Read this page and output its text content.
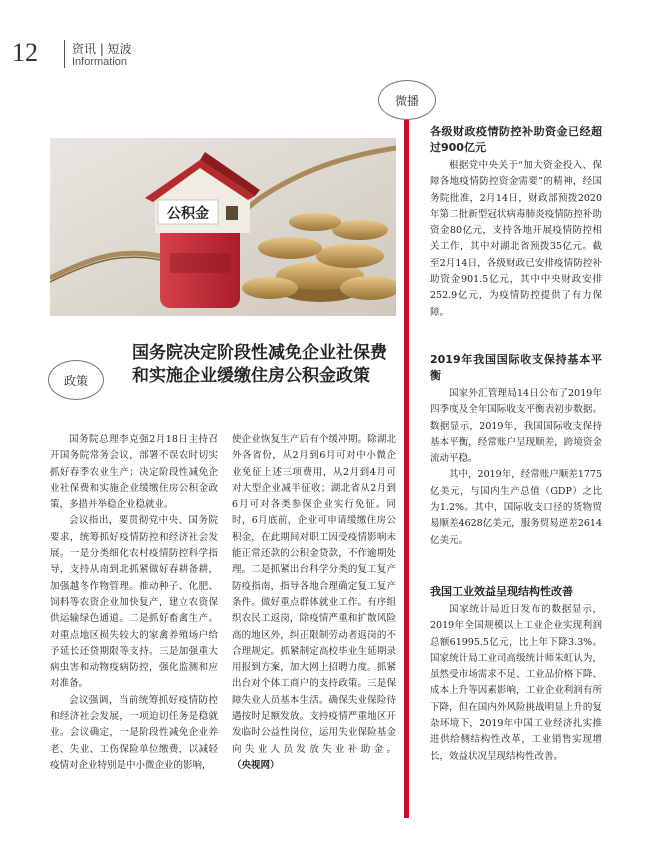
12	资讯 | 短波
Information
微播
公积金
政策
国务院决定阶段性减免企业社保费和实施企业缓缴住房公积金政策

国务院总理李克强2月18日主持召开国务院常务会议，部署不误农时切实抓好春季农业生产；决定阶段性减免企业社保费和实施企业缓缴住房公积金政策，多措并举稳企业稳就业。

会议指出，要贯彻党中央、国务院要求，统筹抓好疫情防控和经济社会发展。一是分类细化农村疫情防控科学指导，支持从南到北抓紧做好春耕备耕，加强越冬作物管理。推动种子、化肥、饲料等农资企业加快复产，建立农资保供运输绿色通道。二是抓好畜禽生产。对重点地区损失较大的家禽养殖场户给予延长还贷期限等支持。三是加强重大病虫害和动物疫病防控，强化监测和应对准备。

会议强调，当前统筹抓好疫情防控和经济社会发展，一项迫切任务是稳就业。会议确定，一是阶段性减免企业养老、失业、工伤保险单位缴费，以减轻疫情对企业特别是中小微企业的影响，

使企业恢复生产后有个缓冲期。除湖北外各省份，从2月到6月可对中小微企业免征上述三项费用，从2月到4月可对大型企业减半征收；湖北省从2月到6月可对各类参保企业实行免征。同时，6月底前，企业可申请缓缴住房公积金，在此期间对职工因受疫情影响未能正常还款的公积金贷款，不作逾期处理。二是抓紧出台科学分类的复工复产防疫指南，指导各地合理确定复工复产条件。做好重点群体就业工作。有序组织农民工返岗，除疫情严重和扩散风险高的地区外，纠正限制劳动者返岗的不合理规定。抓紧制定高校毕业生延期录用报到方案，加大网上招聘力度。抓紧出台对个体工商户的支持政策。三是保障失业人员基本生活。确保失业保险待遇按时足额发放。支持疫情严重地区开发临时公益性岗位，运用失业保险基金向失业人员发放失业补助金。（央视网）

各级财政疫情防控补助资金已经超过900亿元

根据党中央关于“加大资金投入、保障各地疫情防控资金需要”的精神，经国务院批准，2月14日，财政部预拨2020年第二批新型冠状病毒肺炎疫情防控补助资金80亿元，支持各地开展疫情防控相关工作，其中对湖北省预拨35亿元。截至2月14日，各级财政已安排疫情防控补助资金901.5亿元，其中中央财政安排252.9亿元，为疫情防控提供了有力保障。

2019年我国国际收支保持基本平衡

国家外汇管理局14日公布了2019年四季度及全年国际收支平衡表初步数据。数据显示，2019年，我国国际收支保持基本平衡，经常账户呈现顺差，跨境资金流动平稳。

其中，2019年，经常账户顺差1775亿美元，与国内生产总值（GDP）之比为1.2%。其中，国际收支口径的货物贸易顺差4628亿美元，服务贸易逆差2614亿美元。

我国工业效益呈现结构性改善

国家统计局近日发布的数据显示，2019年全国规模以上工业企业实现利润总额61995.5亿元，比上年下降3.3%。国家统计局工业司高级统计师朱虹认为，虽然受市场需求不足、工业品价格下降、成本上升等因素影响，工业企业利润有所下降，但在国内外风险挑战明显上升的复杂环境下，2019年中国工业经济扎实推进供给侧结构性改革，工业销售实现增长，效益状况呈现结构性改善。
